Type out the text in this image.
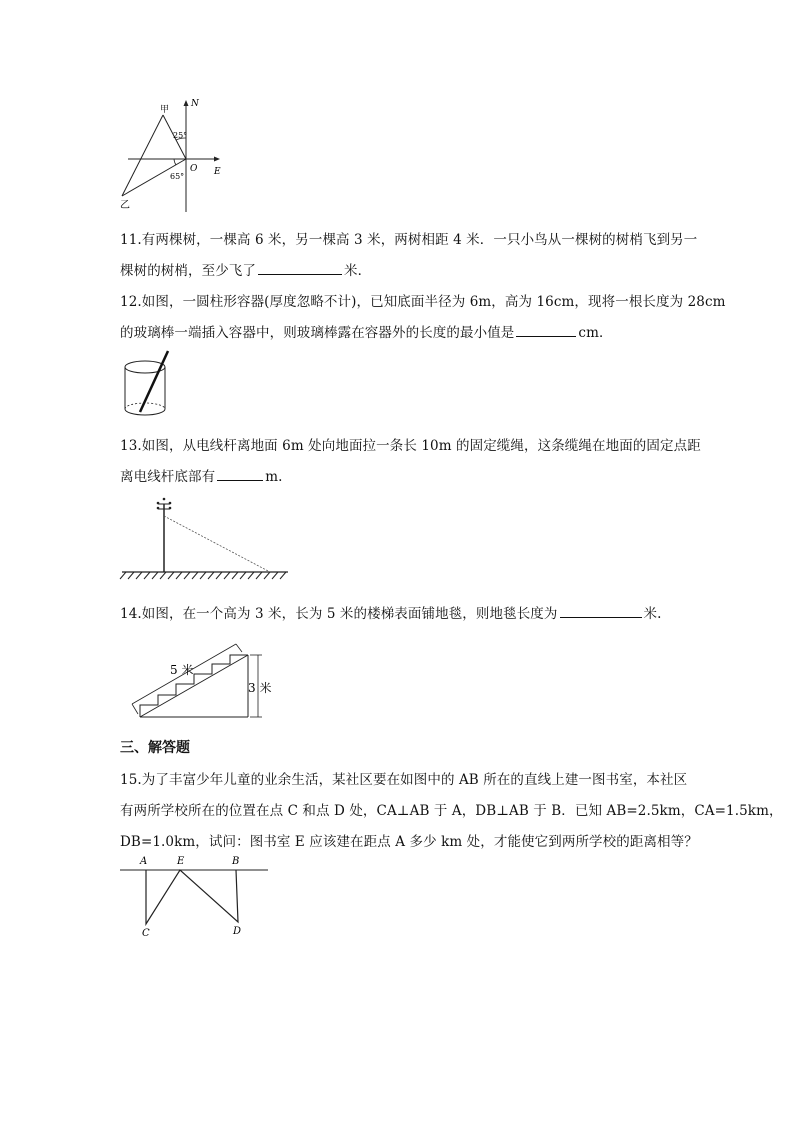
甲
N
25°
O E
65°
乙
11.有两棵树，一棵高 6 米，另一棵高 3 米，两树相距 4 米．一只小鸟从一棵树的树梢飞到另一
棵树的树梢，至少飞了	米．
12.如图，一圆柱形容器(厚度忽略不计)，已知底面半径为 6m，高为 16cm，现将一根长度为 28cm
的玻璃棒一端插入容器中，则玻璃棒露在容器外的长度的最小值是	cm．
13.如图，从电线杆离地面 6m 处向地面拉一条长 10m 的固定缆绳，这条缆绳在地面的固定点距
离电线杆底部有	m.
14.如图，在一个高为 3 米，长为 5 米的楼梯表面铺地毯，则地毯长度为	米.
5 米
3 米
三、解答题
15.为了丰富少年儿童的业余生活，某社区要在如图中的 AB 所在的直线上建一图书室，本社区
有两所学校所在的位置在点 C 和点 D 处，CA⊥AB 于 A，DB⊥AB 于 B．已知 AB=2.5km，CA=1.5km，
DB=1.0km，试问：图书室 E 应该建在距点 A 多少 km 处，才能使它到两所学校的距离相等？
A	E	B
C	D
